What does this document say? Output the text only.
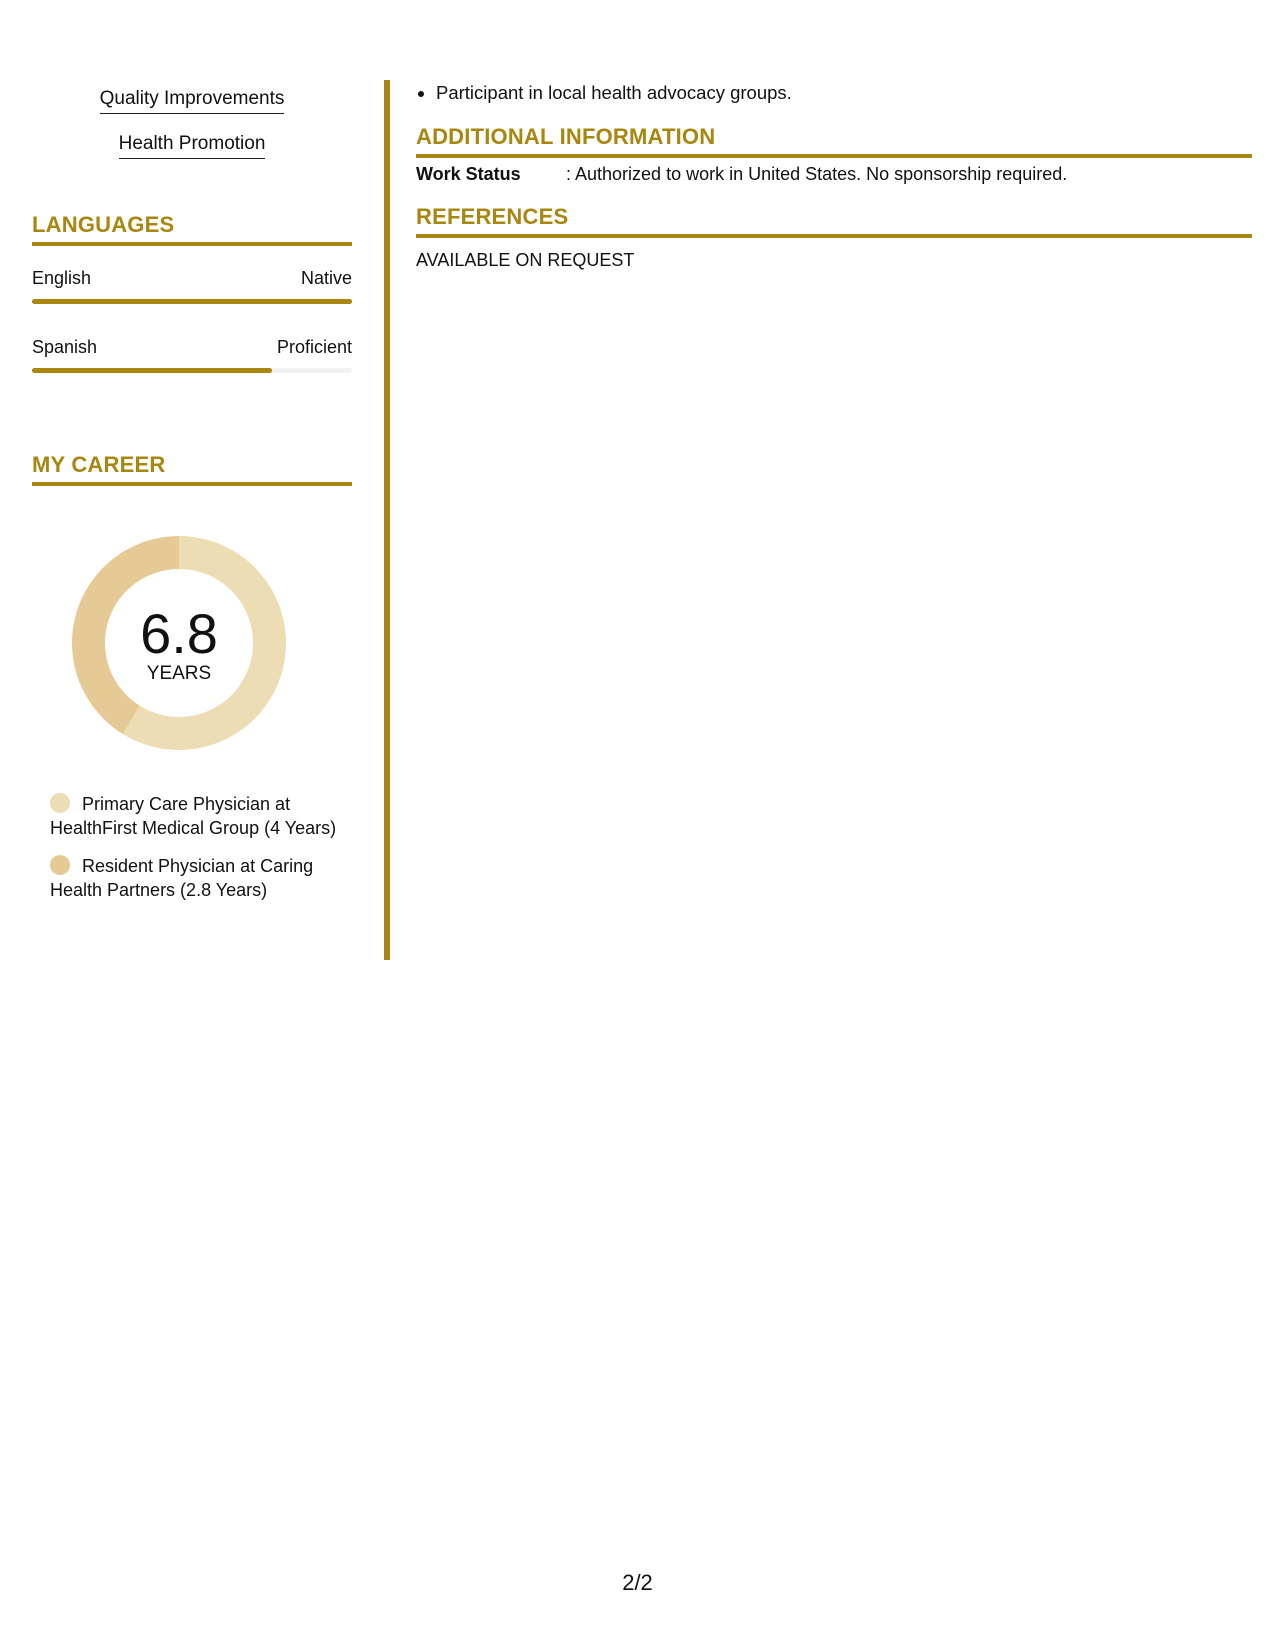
Quality Improvements
Health Promotion
LANGUAGES
English	Native
Spanish	Proficient
MY CAREER
6.8
YEARS
Primary Care Physician at HealthFirst Medical Group (4 Years)
Resident Physician at Caring Health Partners (2.8 Years)
• Participant in local health advocacy groups.
ADDITIONAL INFORMATION
Work Status	: Authorized to work in United States. No sponsorship required.
REFERENCES
AVAILABLE ON REQUEST
2/2
